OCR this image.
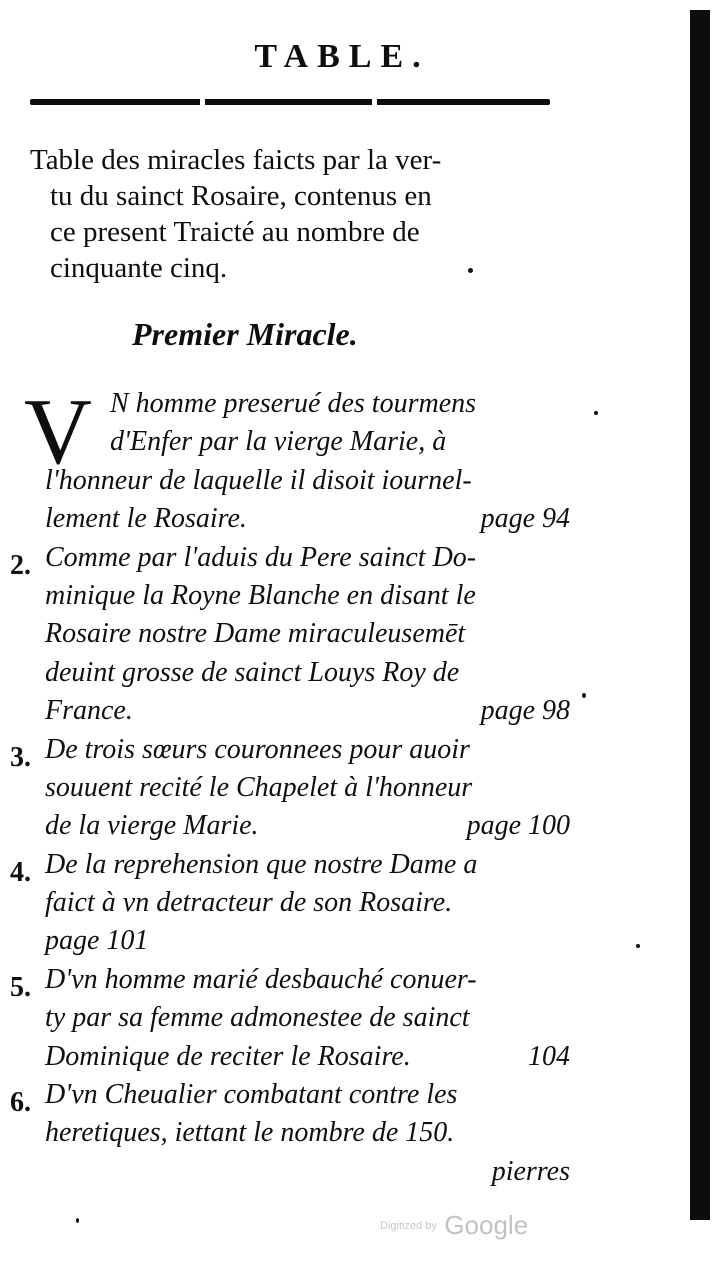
TABLE.
Table des miracles faicts par la ver-
tu du sainct Rosaire, contenus en
ce present Traicté au nombre de
cinquante cinq.
Premier Miracle.
V N homme preserué des tourmens
d'Enfer par la vierge Marie, à
l'honneur de laquelle il disoit iournel-
lement le Rosaire.	page 94
2. Comme par l'aduis du Pere sainct Do-
minique la Royne Blanche en disant le
Rosaire nostre Dame miraculeusemēt
deuint grosse de sainct Louys Roy de
France.	page 98
3. De trois sœurs couronnees pour auoir
souuent recité le Chapelet à l'honneur
de la vierge Marie.	page 100
4. De la reprehension que nostre Dame a
faict à vn detracteur de son Rosaire.
page 101
5. D'vn homme marié desbauché conuer-
ty par sa femme admonestee de sainct
Dominique de reciter le Rosaire.	104
6. D'vn Cheualier combatant contre les
heretiques, iettant le nombre de 150.
pierres
Digitized by Google
